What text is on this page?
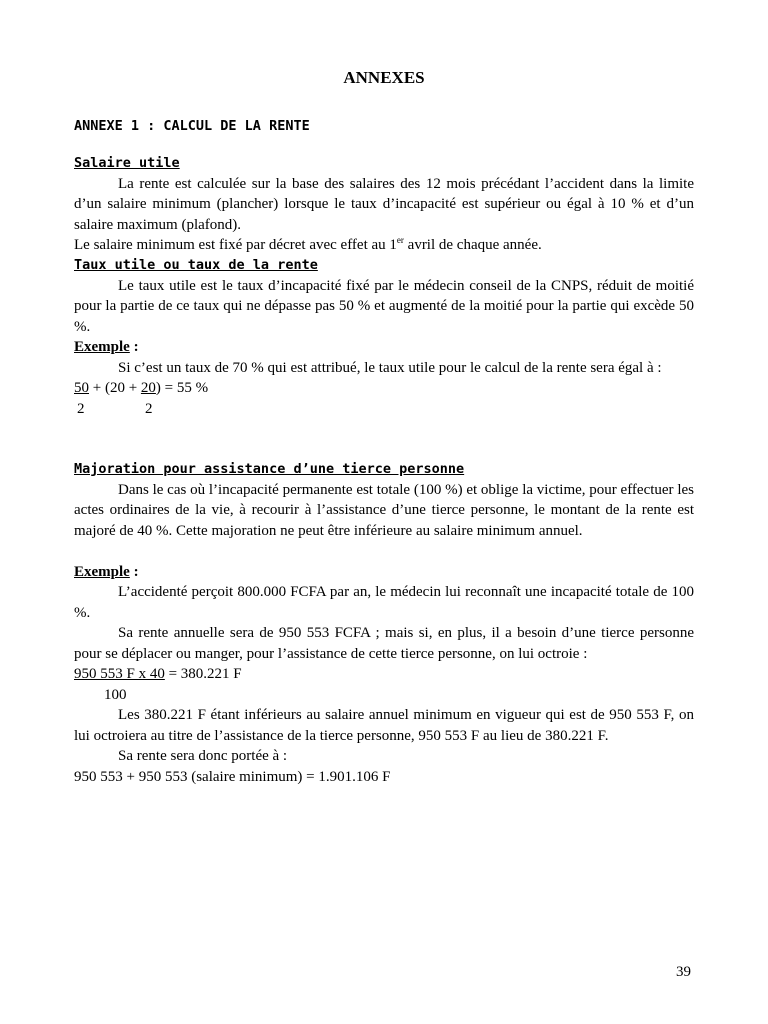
ANNEXES
ANNEXE 1 : CALCUL DE LA RENTE
Salaire utile

La rente est calculée sur la base des salaires des 12 mois précédant l’accident dans la limite d’un salaire minimum (plancher) lorsque le taux d’incapacité est supérieur ou égal à 10 % et d’un salaire maximum (plafond).

Le salaire minimum est fixé par décret avec effet au 1er avril de chaque année.

Taux utile ou taux de la rente

Le taux utile est le taux d’incapacité fixé par le médecin conseil de la CNPS, réduit de moitié pour la partie de ce taux qui ne dépasse pas 50 % et augmenté de la moitié pour la partie qui excède 50 %.

Exemple :

Si c’est un taux de 70 % qui est attribué, le taux utile pour le calcul de la rente sera égal à :

50 + (20 + 20) = 55 %
2	2
Majoration pour assistance d’une tierce personne

Dans le cas où l’incapacité permanente est totale (100 %) et oblige la victime, pour effectuer les actes ordinaires de la vie, à recourir à l’assistance d’une tierce personne, le montant de la rente est majoré de 40 %. Cette majoration ne peut être inférieure au salaire minimum annuel.

Exemple :

L’accidenté perçoit 800.000 FCFA par an, le médecin lui reconnaît une incapacité totale de 100 %.

Sa rente annuelle sera de 950 553 FCFA ; mais si, en plus, il a besoin d’une tierce personne pour se déplacer ou manger, pour l’assistance de cette tierce personne, on lui octroie :

950 553 F x 40 = 380.221 F
100

Les 380.221 F étant inférieurs au salaire annuel minimum en vigueur qui est de 950 553 F, on lui octroiera au titre de l’assistance de la tierce personne, 950 553 F au lieu de 380.221 F.

Sa rente sera donc portée à :

950 553 + 950 553 (salaire minimum) = 1.901.106 F
39
